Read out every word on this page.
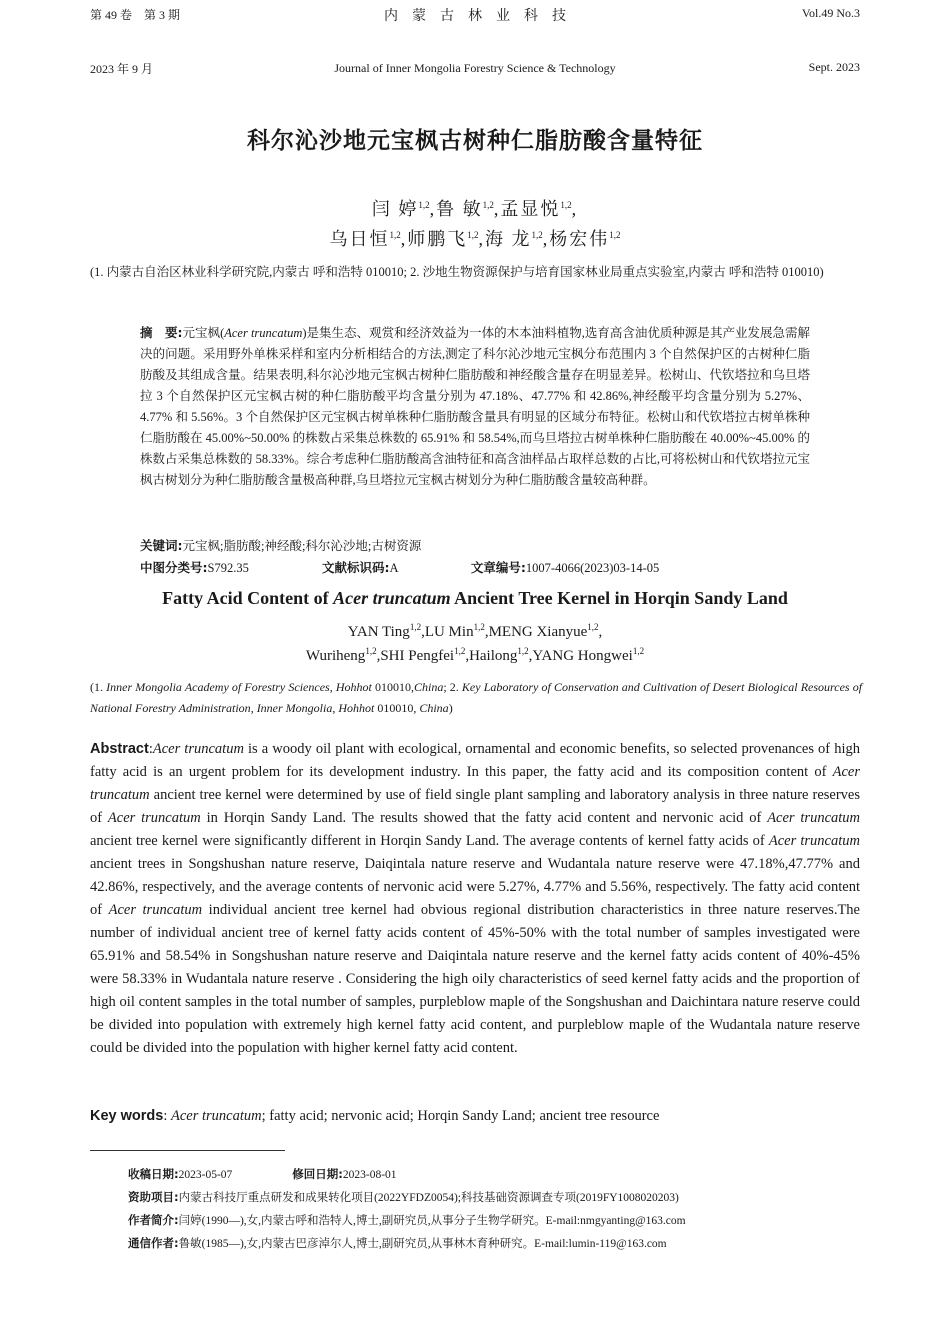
第 49 卷　第 3 期
2023 年 9 月
内　蒙　古　林　业　科　技
Journal of Inner Mongolia Forestry Science & Technology
Vol.49 No.3
Sept. 2023
科尔沁沙地元宝枫古树种仁脂肪酸含量特征
闫 婷$^{1,2}$,鲁 敏$^{1,2}$,孟显悦$^{1,2}$,
乌日恒$^{1,2}$,师鹏飞$^{1,2}$,海 龙$^{1,2}$,杨宏伟$^{1,2}$
(1. 内蒙古自治区林业科学研究院,内蒙古 呼和浩特 010010; 2. 沙地生物资源保护与培育国家林业局重点实验室,内蒙古 呼和浩特 010010)
摘　要:元宝枫(Acer truncatum)是集生态、观赏和经济效益为一体的木本油料植物,选育高含油优质种源是其产业发展急需解决的问题。采用野外单株采样和室内分析相结合的方法,测定了科尔沁沙地元宝枫分布范围内 3 个自然保护区的古树种仁脂肪酸及其组成含量。结果表明,科尔沁沙地元宝枫古树种仁脂肪酸和神经酸含量存在明显差异。松树山、代钦塔拉和乌旦塔拉 3 个自然保护区元宝枫古树的种仁脂肪酸平均含量分别为 47.18%、47.77% 和 42.86%,神经酸平均含量分别为 5.27%、4.77% 和 5.56%。3 个自然保护区元宝枫古树单株种仁脂肪酸含量具有明显的区域分布特征。松树山和代钦塔拉古树单株种仁脂肪酸在 45.00%~50.00% 的株数占采集总株数的 65.91% 和 58.54%,而乌旦塔拉古树单株种仁脂肪酸在 40.00%~45.00% 的株数占采集总株数的 58.33%。综合考虑种仁脂肪酸高含油特征和高含油样品占取样总数的占比,可将松树山和代钦塔拉元宝枫古树划分为种仁脂肪酸含量极高种群,乌旦塔拉元宝枫古树划分为种仁脂肪酸含量较高种群。
关键词:元宝枫;脂肪酸;神经酸;科尔沁沙地;古树资源
中图分类号:S792.35	文献标识码:A	文章编号:1007-4066(2023)03-14-05
Fatty Acid Content of Acer truncatum Ancient Tree Kernel in Horqin Sandy Land
YAN Ting$^{1,2}$,LU Min$^{1,2}$,MENG Xianyue$^{1,2}$,
Wuriheng$^{1,2}$,SHI Pengfei$^{1,2}$,Hailong$^{1,2}$,YANG Hongwei$^{1,2}$
(1. Inner Mongolia Academy of Forestry Sciences, Hohhot 010010,China; 2. Key Laboratory of Conservation and Cultivation of Desert Biological Resources of National Forestry Administration, Inner Mongolia, Hohhot 010010, China)
Abstract:Acer truncatum is a woody oil plant with ecological, ornamental and economic benefits, so selected provenances of high fatty acid is an urgent problem for its development industry. In this paper, the fatty acid and its composition content of Acer truncatum ancient tree kernel were determined by use of field single plant sampling and laboratory analysis in three nature reserves of Acer truncatum in Horqin Sandy Land. The results showed that the fatty acid content and nervonic acid of Acer truncatum ancient tree kernel were significantly different in Horqin Sandy Land. The average contents of kernel fatty acids of Acer truncatum ancient trees in Songshushan nature reserve, Daiqintala nature reserve and Wudantala nature reserve were 47.18%,47.77% and 42.86%, respectively, and the average contents of nervonic acid were 5.27%, 4.77% and 5.56%, respectively. The fatty acid content of Acer truncatum individual ancient tree kernel had obvious regional distribution characteristics in three nature reserves.The number of individual ancient tree of kernel fatty acids content of 45%-50% with the total number of samples investigated were 65.91% and 58.54% in Songshushan nature reserve and Daiqintala nature reserve and the kernel fatty acids content of 40%-45% were 58.33% in Wudantala nature reserve . Considering the high oily characteristics of seed kernel fatty acids and the proportion of high oil content samples in the total number of samples, purpleblow maple of the Songshushan and Daichintara nature reserve could be divided into population with extremely high kernel fatty acid content, and purpleblow maple of the Wudantala nature reserve could be divided into the population with higher kernel fatty acid content.
Key words: Acer truncatum; fatty acid; nervonic acid; Horqin Sandy Land; ancient tree resource
收稿日期:2023-05-07	修回日期:2023-08-01
资助项目:内蒙古科技厅重点研发和成果转化项目(2022YFDZ0054);科技基础资源调查专项(2019FY1008020203)
作者简介:闫婷(1990—),女,内蒙古呼和浩特人,博士,副研究员,从事分子生物学研究。E-mail:nmgyanting@163.com
通信作者:鲁敏(1985—),女,内蒙古巴彦淖尔人,博士,副研究员,从事林木育种研究。E-mail:lumin-119@163.com
